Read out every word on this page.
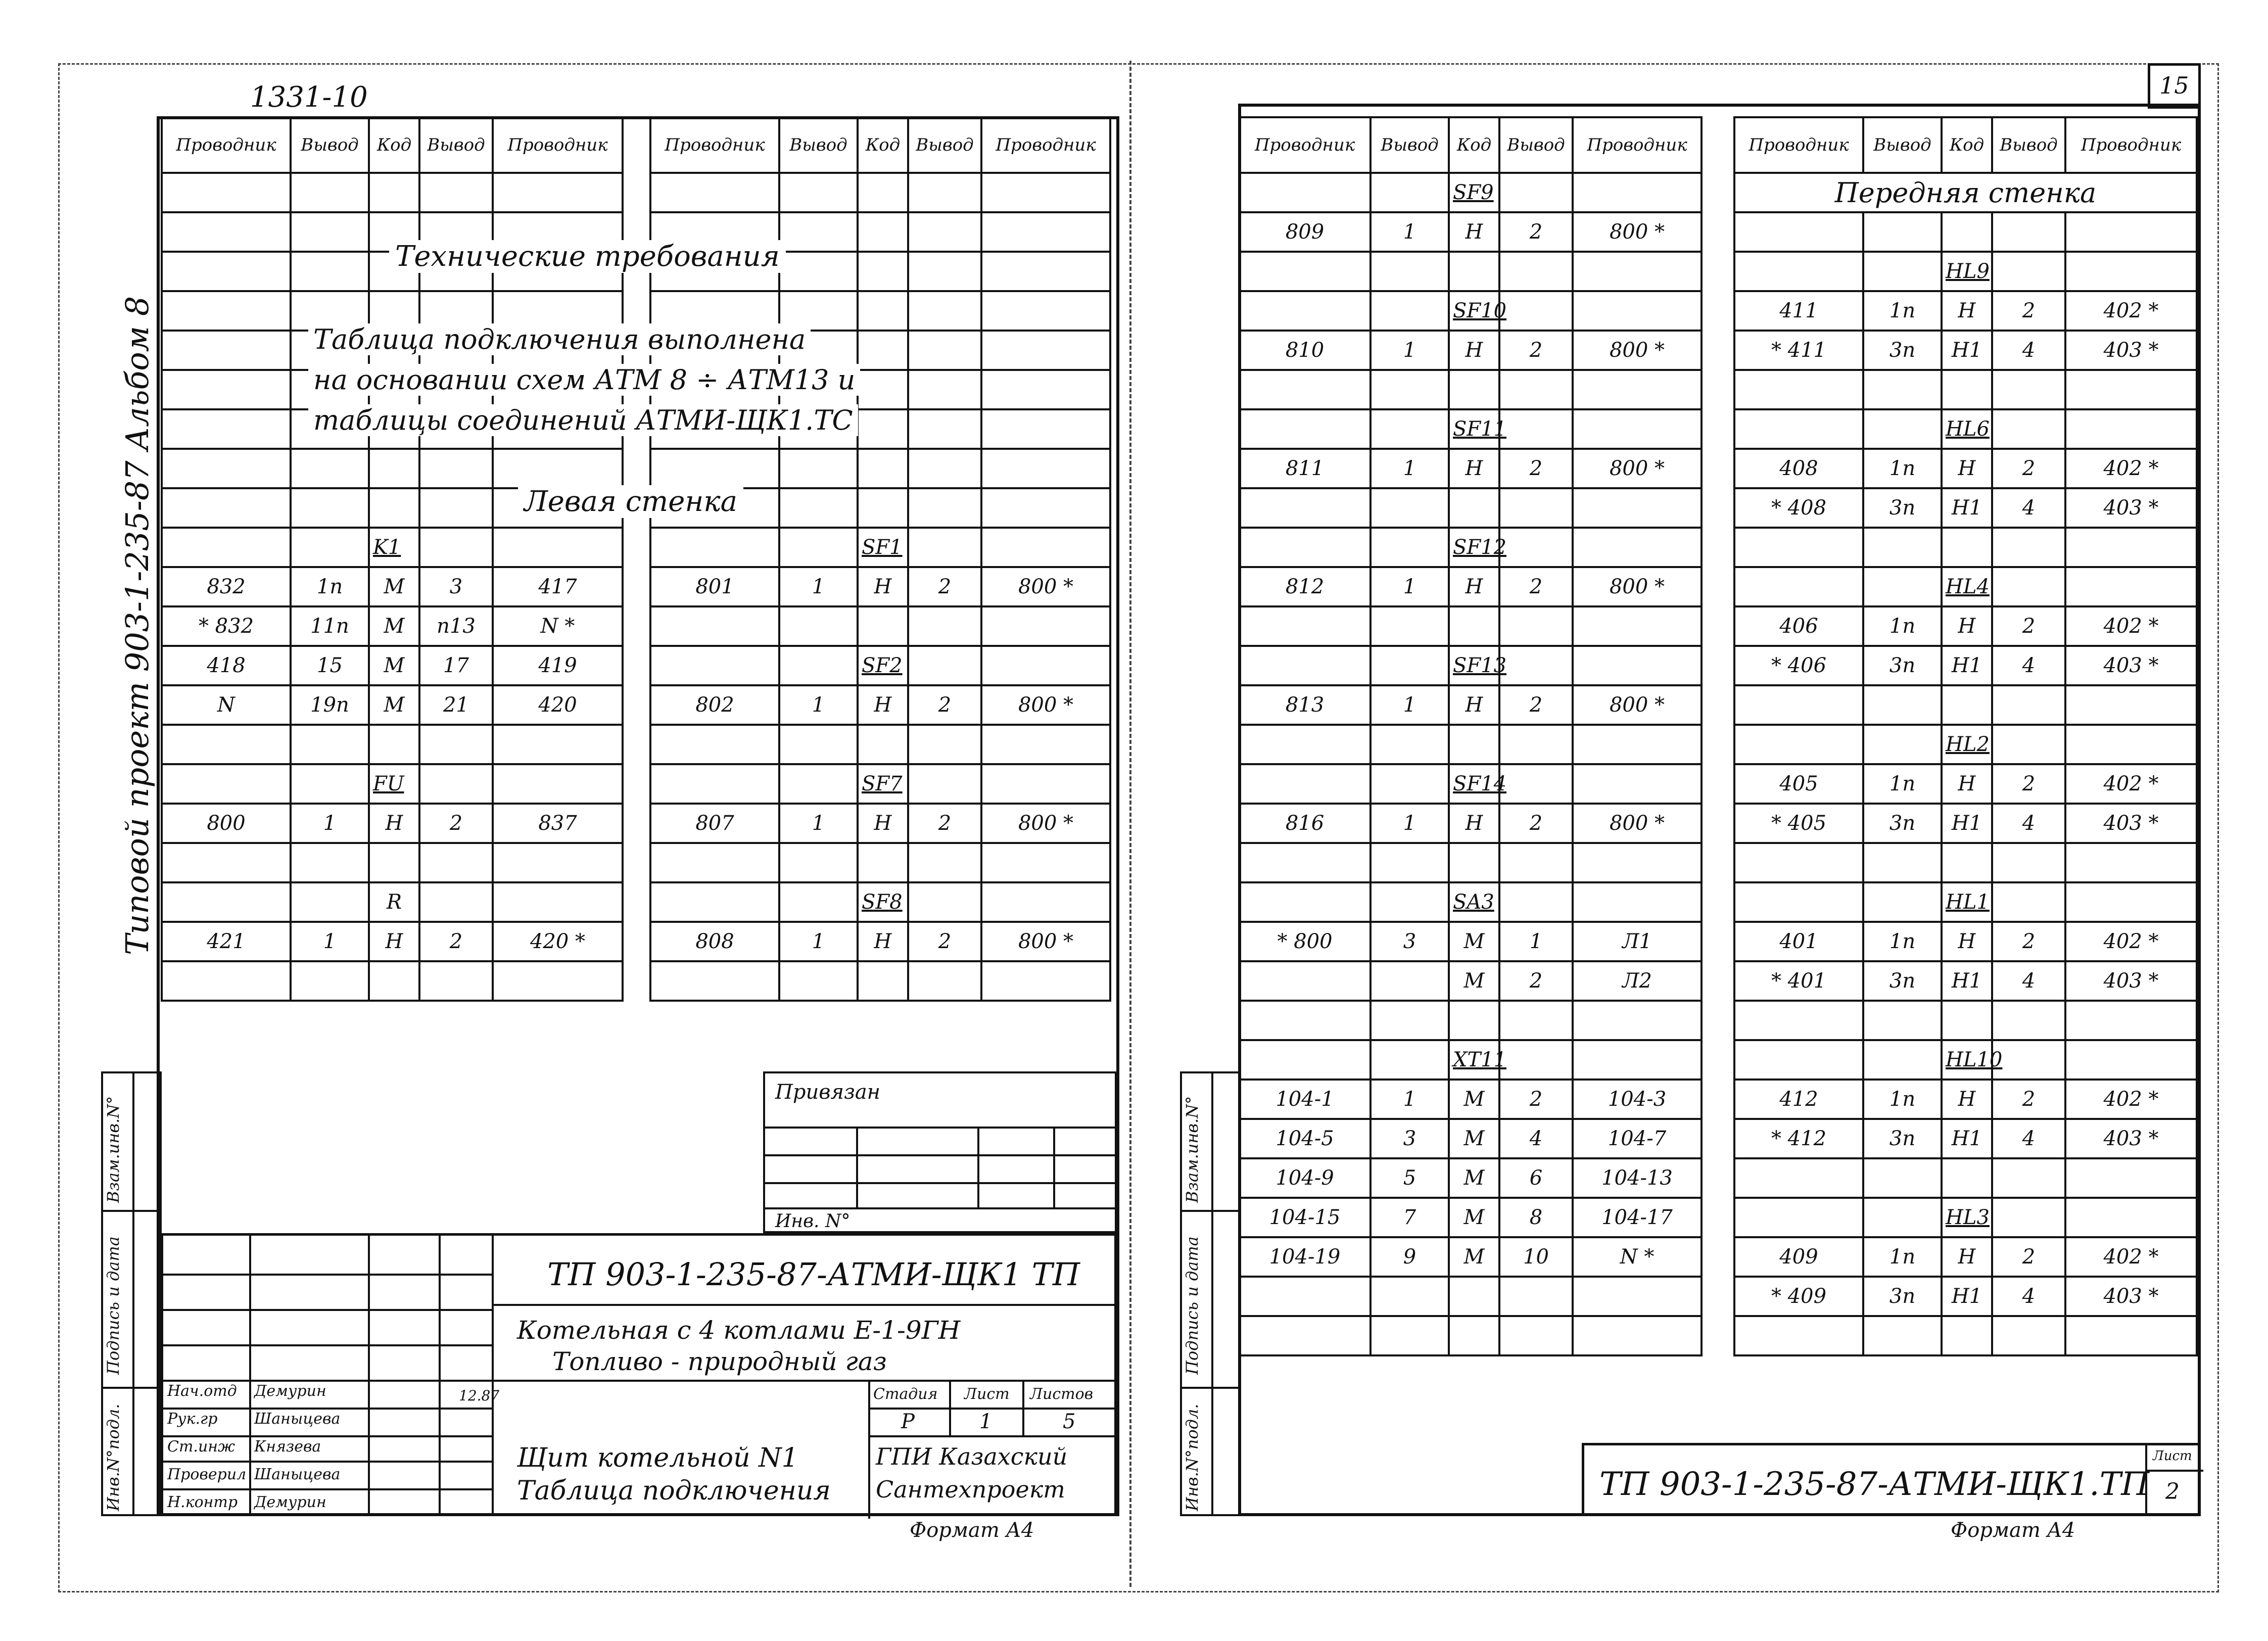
1331-10
Типовой проект 903-1-235-87 Альбом 8
Проводник	Вывод	Код	Вывод	Проводник

		K1		
832	1п	М	3	417
* 832	11п	М	п13	N *
418	15	М	17	419
N	19п	М	21	420

		FU		
800	1	Н	2	837

		R		
421	1	Н	2	420 *

Проводник	Вывод	Код	Вывод	Проводник

		SF1		
801	1	Н	2	800 *

		SF2		
802	1	Н	2	800 *

		SF7		
807	1	Н	2	800 *

		SF8		
808	1	Н	2	800 *

Технические требования
Таблица подключения выполнена
на основании схем АТМ 8 ÷ АТМ13 и
таблицы соединений АТМИ-ЩК1.ТС
Левая стенка
Привязан
Инв. N°
Взам.инв.N°
Подпись и дата
Инв.N°подл.
ТП 903-1-235-87-АТМИ-ЩК1 ТП
Котельная с 4 котлами Е-1-9ГН
Топливо - природный газ
Стадия Лист Листов
Р	1	5
Щит котельной N1
Таблица подключения
ГПИ Казахский
Сантехпроект
Нач.отд Демурин
Рук.гр Шаныцева
Ст.инж Князева
Проверил Шаныцева
Н.контр Демурин
12.87
Формат А4
15
Проводник	Вывод	Код	Вывод	Проводник
		SF9		
809	1	Н	2	800 *

		SF10		
810	1	Н	2	800 *

		SF11		
811	1	Н	2	800 *

		SF12		
812	1	Н	2	800 *

		SF13		
813	1	Н	2	800 *

		SF14		
816	1	Н	2	800 *

		SA3		
* 800	3	М	1	Л1
		М	2	Л2

		XT11		
104-1	1	М	2	104-3
104-5	3	М	4	104-7
104-9	5	М	6	104-13
104-15	7	М	8	104-17
104-19	9	М	10	N *

Проводник	Вывод	Код	Вывод	Проводник
Передняя стенка				

		HL9		
411	1п	Н	2	402 *
* 411	3п	Н1	4	403 *

		HL6		
408	1п	Н	2	402 *
* 408	3п	Н1	4	403 *

		HL4		
406	1п	Н	2	402 *
* 406	3п	Н1	4	403 *

		HL2		
405	1п	Н	2	402 *
* 405	3п	Н1	4	403 *

		HL1		
401	1п	Н	2	402 *
* 401	3п	Н1	4	403 *

		HL10		
412	1п	Н	2	402 *
* 412	3п	Н1	4	403 *

		HL3		
409	1п	Н	2	402 *
* 409	3п	Н1	4	403 *

Взам.инв.N°
Подпись и дата
Инв.N°подл.	ТП 903-1-235-87-АТМИ-ЩК1.ТП
Лист
2
Формат А4
